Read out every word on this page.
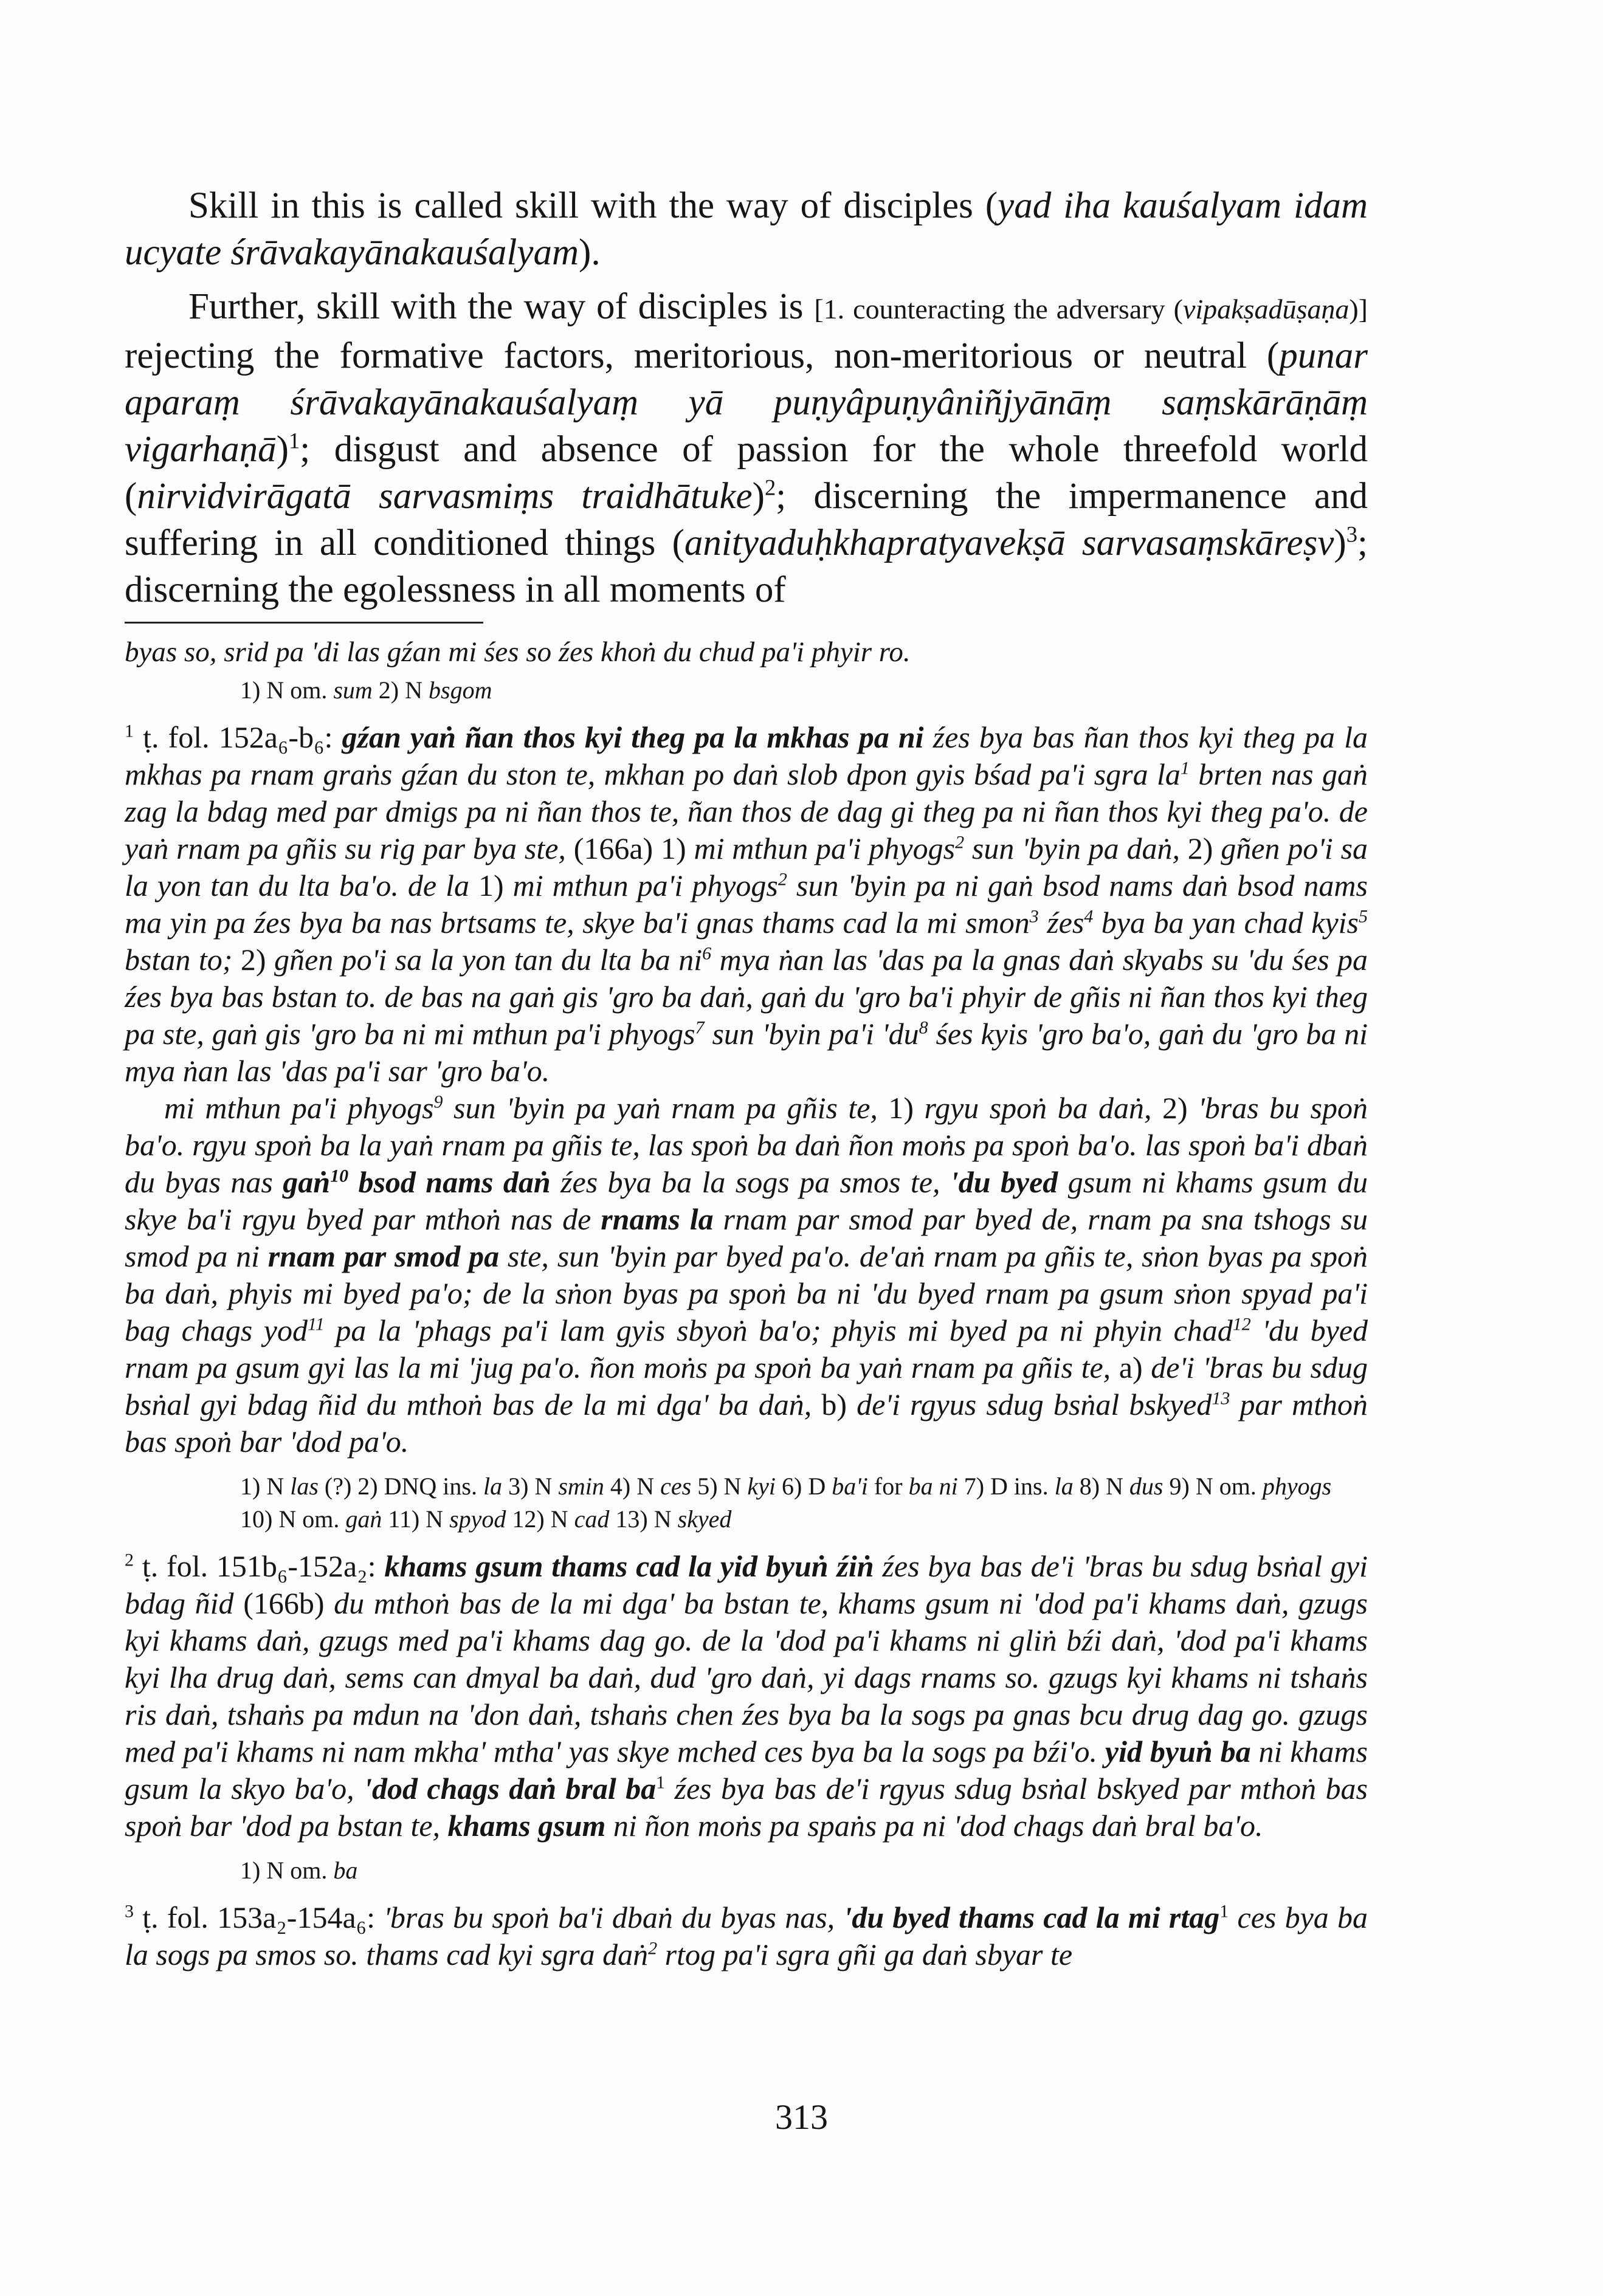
Skill in this is called skill with the way of disciples (yad iha kauśalyam idam ucyate śrāvakayānakauśalyam).

Further, skill with the way of disciples is [1. counteracting the adversary (vipakṣadūṣaṇa)] rejecting the formative factors, meritorious, non-meritorious or neutral (punar aparaṃ śrāvakayānakauśalyaṃ yā puṇyâpuṇyâniñjyānāṃ saṃskārāṇāṃ vigarhaṇā)$^1$; disgust and absence of passion for the whole threefold world (nirvidvirāgatā sarvasmiṃs traidhātuke)$^2$; discerning the impermanence and suffering in all conditioned things (anityaduḥkhapratyavekṣā sarvasaṃskāreṣv)$^3$; discerning the egolessness in all moments of

byas so, srid pa 'di las gźan mi śes so źes khoṅ du chud pa'i phyir ro.

1) N om. sum 2) N bsgom

$^1$ ṭ. fol. 152a₆-b₆: gźan yaṅ ñan thos kyi theg pa la mkhas pa ni źes bya bas ñan thos kyi theg pa la mkhas pa rnam graṅs gźan du ston te, mkhan po daṅ slob dpon gyis bśad pa'i sgra $la^1$ brten nas gaṅ zag la bdag med par dmigs pa ni ñan thos te, ñan thos de dag gi theg pa ni ñan thos kyi theg pa'o. de yaṅ rnam pa gñis su rig par bya ste, (166a) 1) mi mthun pa'i phyogs$^2$ sun 'byin pa daṅ, 2) gñen po'i sa la yon tan du lta ba'o. de la 1) mi mthun pa'i phyogs$^2$ sun 'byin pa ni gaṅ bsod nams daṅ bsod nams ma yin pa źes bya ba nas brtsams te, skye ba'i gnas thams cad la mi smon$^3$ źes$^4$ bya ba yan chad kyis$^5$ bstan to; 2) gñen po'i sa la yon tan du lta ba $ni^6$ mya ṅan las 'das pa la gnas daṅ skyabs su 'du śes pa źes bya bas bstan to. de bas na gaṅ gis 'gro ba daṅ, gaṅ du 'gro ba'i phyir de gñis ni ñan thos kyi theg pa ste, gaṅ gis 'gro ba ni mi mthun pa'i phyogs$^7$ sun 'byin pa'i '$du^8$ śes kyis 'gro ba'o, gaṅ du 'gro ba ni mya ṅan las 'das pa'i sar 'gro ba'o.

mi mthun pa'i phyogs$^9$ sun 'byin pa yaṅ rnam pa gñis te, 1) rgyu spoṅ ba daṅ, 2) 'bras bu spoṅ ba'o. rgyu spoṅ ba la yaṅ rnam pa gñis te, las spoṅ ba daṅ ñon moṅs pa spoṅ ba'o. las spoṅ ba'i dbaṅ du byas nas gaṅ$^{10}$ bsod nams daṅ źes bya ba la sogs pa smos te, 'du byed gsum ni khams gsum du skye ba'i rgyu byed par mthoṅ nas de rnams la rnam par smod par byed de, rnam pa sna tshogs su smod pa ni rnam par smod pa ste, sun 'byin par byed pa'o. de'aṅ rnam pa gñis te, sṅon byas pa spoṅ ba daṅ, phyis mi byed pa'o; de la sṅon byas pa spoṅ ba ni 'du byed rnam pa gsum sṅon spyad pa'i bag chags yod$^{11}$ pa la 'phags pa'i lam gyis sbyoṅ ba'o; phyis mi byed pa ni phyin chad$^{12}$ 'du byed rnam pa gsum gyi las la mi 'jug pa'o. ñon moṅs pa spoṅ ba yaṅ rnam pa gñis te, a) de'i 'bras bu sdug bsṅal gyi bdag ñid du mthoṅ bas de la mi dga' ba daṅ, b) de'i rgyus sdug bsṅal bskyed$^{13}$ par mthoṅ bas spoṅ bar 'dod pa'o.

1) N las (?) 2) DNQ ins. la 3) N smin 4) N ces 5) N kyi 6) D ba'i for ba ni 7) D ins. la 8) N dus 9) N om. phyogs 10) N om. gaṅ 11) N spyod 12) N cad 13) N skyed

$^2$ ṭ. fol. 151b₆-152a₂: khams gsum thams cad la yid byuṅ źiṅ źes bya bas de'i 'bras bu sdug bsṅal gyi bdag ñid (166b) du mthoṅ bas de la mi dga' ba bstan te, khams gsum ni 'dod pa'i khams daṅ, gzugs kyi khams daṅ, gzugs med pa'i khams dag go. de la 'dod pa'i khams ni gliṅ bźi daṅ, 'dod pa'i khams kyi lha drug daṅ, sems can dmyal ba daṅ, dud 'gro daṅ, yi dags rnams so. gzugs kyi khams ni tshaṅs ris daṅ, tshaṅs pa mdun na 'don daṅ, tshaṅs chen źes bya ba la sogs pa gnas bcu drug dag go. gzugs med pa'i khams ni nam mkha' mtha' yas skye mched ces bya ba la sogs pa bźi'o. yid byuṅ ba ni khams gsum la skyo ba'o, 'dod chags daṅ bral $ba^1$ źes bya bas de'i rgyus sdug bsṅal bskyed par mthoṅ bas spoṅ bar 'dod pa bstan te, khams gsum ni ñon moṅs pa spaṅs pa ni 'dod chags daṅ bral ba'o.

1) N om. ba

$^3$ ṭ. fol. 153a₂-154a₆: 'bras bu spoṅ ba'i dbaṅ du byas nas, 'du byed thams cad la mi rtag$^1$ ces bya ba la sogs pa smos so. thams cad kyi sgra daṅ$^2$ rtog pa'i sgra gñi ga daṅ sbyar te

313
